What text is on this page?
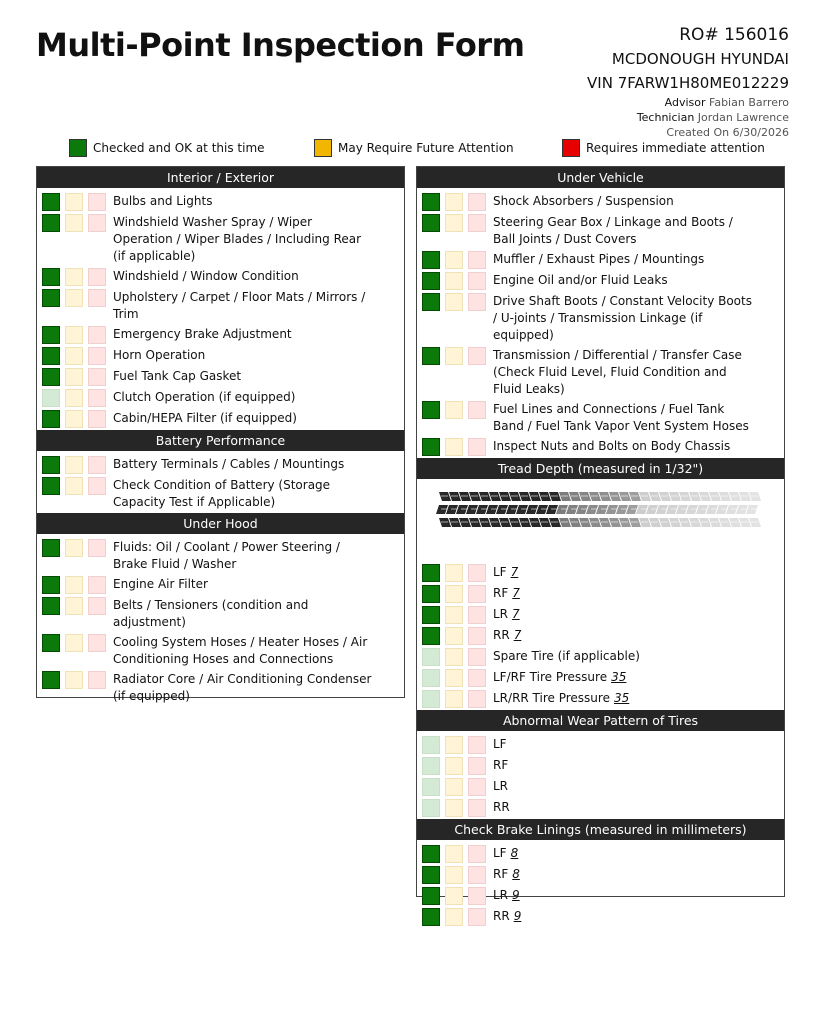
Multi-Point Inspection Form	RO# 156016
MCDONOUGH HYUNDAI
VIN 7FARW1H80ME012229
Advisor Fabian Barrero
Technician Jordan Lawrence
Created On 6/30/2026
Checked and OK at this time	May Require Future Attention	Requires immediate attention
Interior / Exterior
Bulbs and Lights
Windshield Washer Spray / Wiper Operation / Wiper Blades / Including Rear (if applicable)
Windshield / Window Condition
Upholstery / Carpet / Floor Mats / Mirrors / Trim
Emergency Brake Adjustment
Horn Operation
Fuel Tank Cap Gasket
Clutch Operation (if equipped)
Cabin/HEPA Filter (if equipped)
Battery Performance
Battery Terminals / Cables / Mountings
Check Condition of Battery (Storage Capacity Test if Applicable)
Under Hood
Fluids: Oil / Coolant / Power Steering / Brake Fluid / Washer
Engine Air Filter
Belts / Tensioners (condition and adjustment)
Cooling System Hoses / Heater Hoses / Air Conditioning Hoses and Connections
Radiator Core / Air Conditioning Condenser (if equipped)
Under Vehicle
Shock Absorbers / Suspension
Steering Gear Box / Linkage and Boots / Ball Joints / Dust Covers
Muffler / Exhaust Pipes / Mountings
Engine Oil and/or Fluid Leaks
Drive Shaft Boots / Constant Velocity Boots / U-joints / Transmission Linkage (if equipped)
Transmission / Differential / Transfer Case (Check Fluid Level, Fluid Condition and Fluid Leaks)
Fuel Lines and Connections / Fuel Tank Band / Fuel Tank Vapor Vent System Hoses
Inspect Nuts and Bolts on Body Chassis
Tread Depth (measured in 1/32")
LF 7
RF 7
LR 7
RR 7
Spare Tire (if applicable)
LF/RF Tire Pressure 35
LR/RR Tire Pressure 35
Abnormal Wear Pattern of Tires
LF
RF
LR
RR
Check Brake Linings (measured in millimeters)
LF 8
RF 8
LR 9
RR 9
